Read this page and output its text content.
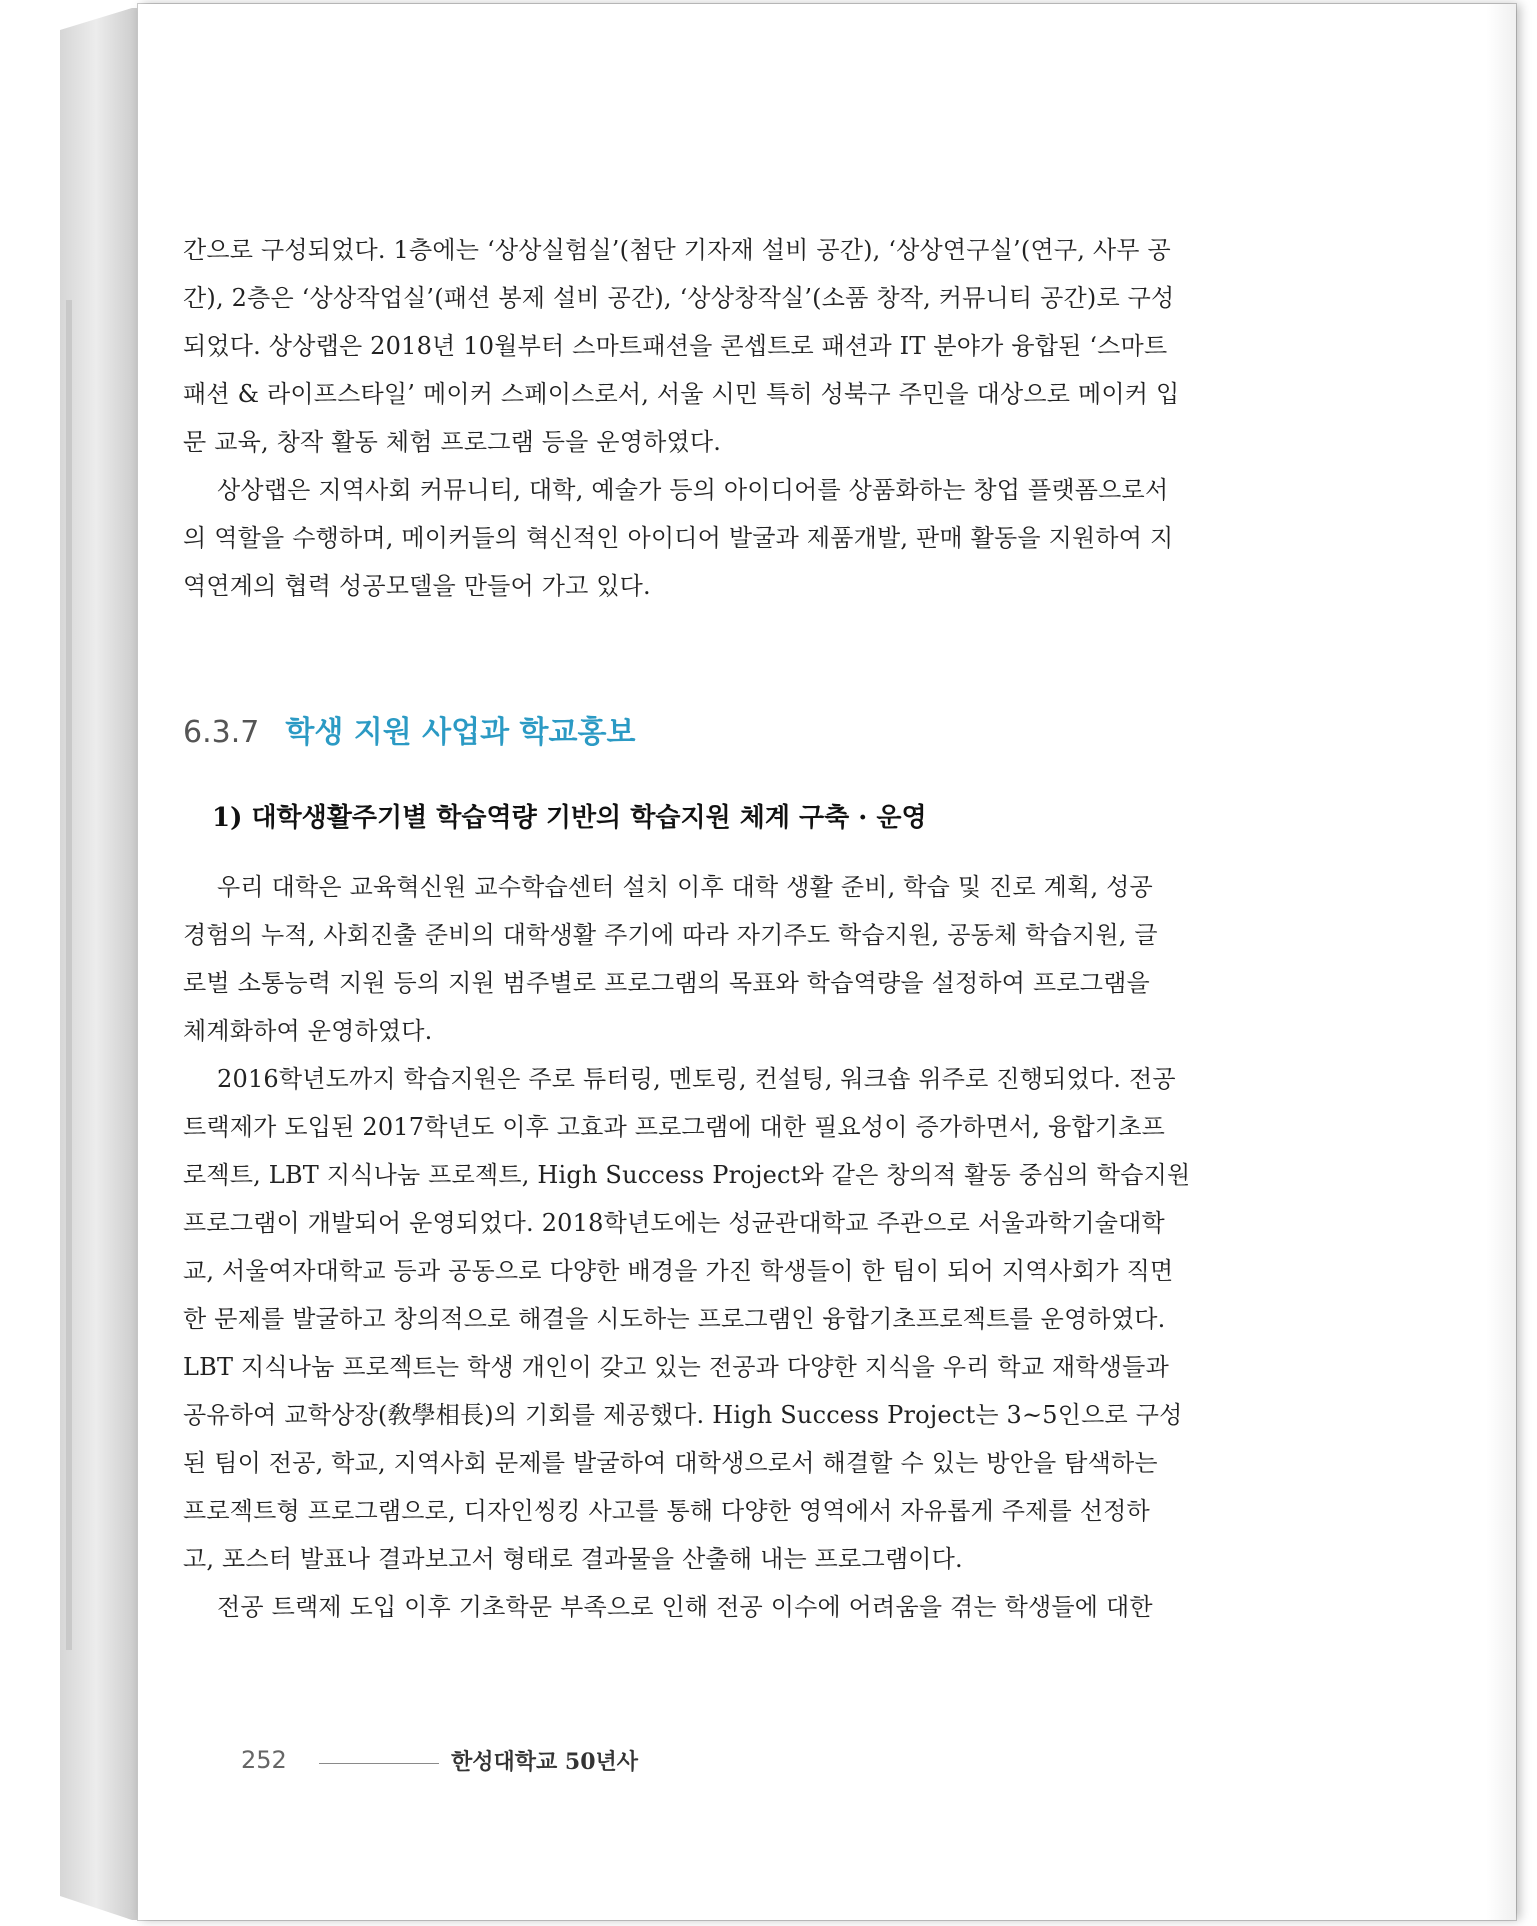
간으로 구성되었다. 1층에는 ‘상상실험실’(첨단 기자재 설비 공간), ‘상상연구실’(연구, 사무 공
간), 2층은 ‘상상작업실’(패션 봉제 설비 공간), ‘상상창작실’(소품 창작, 커뮤니티 공간)로 구성
되었다. 상상랩은 2018년 10월부터 스마트패션을 콘셉트로 패션과 IT 분야가 융합된 ‘스마트
패션 & 라이프스타일’ 메이커 스페이스로서, 서울 시민 특히 성북구 주민을 대상으로 메이커 입
문 교육, 창작 활동 체험 프로그램 등을 운영하였다.
상상랩은 지역사회 커뮤니티, 대학, 예술가 등의 아이디어를 상품화하는 창업 플랫폼으로서
의 역할을 수행하며, 메이커들의 혁신적인 아이디어 발굴과 제품개발, 판매 활동을 지원하여 지
역연계의 협력 성공모델을 만들어 가고 있다.
6.3.7 학생 지원 사업과 학교홍보
1) 대학생활주기별 학습역량 기반의 학습지원 체계 구축 · 운영
우리 대학은 교육혁신원 교수학습센터 설치 이후 대학 생활 준비, 학습 및 진로 계획, 성공
경험의 누적, 사회진출 준비의 대학생활 주기에 따라 자기주도 학습지원, 공동체 학습지원, 글
로벌 소통능력 지원 등의 지원 범주별로 프로그램의 목표와 학습역량을 설정하여 프로그램을
체계화하여 운영하였다.
2016학년도까지 학습지원은 주로 튜터링, 멘토링, 컨설팅, 워크숍 위주로 진행되었다. 전공
트랙제가 도입된 2017학년도 이후 고효과 프로그램에 대한 필요성이 증가하면서, 융합기초프
로젝트, LBT 지식나눔 프로젝트, High Success Project와 같은 창의적 활동 중심의 학습지원
프로그램이 개발되어 운영되었다. 2018학년도에는 성균관대학교 주관으로 서울과학기술대학
교, 서울여자대학교 등과 공동으로 다양한 배경을 가진 학생들이 한 팀이 되어 지역사회가 직면
한 문제를 발굴하고 창의적으로 해결을 시도하는 프로그램인 융합기초프로젝트를 운영하였다.
LBT 지식나눔 프로젝트는 학생 개인이 갖고 있는 전공과 다양한 지식을 우리 학교 재학생들과
공유하여 교학상장(敎學相長)의 기회를 제공했다. High Success Project는 3~5인으로 구성
된 팀이 전공, 학교, 지역사회 문제를 발굴하여 대학생으로서 해결할 수 있는 방안을 탐색하는
프로젝트형 프로그램으로, 디자인씽킹 사고를 통해 다양한 영역에서 자유롭게 주제를 선정하
고, 포스터 발표나 결과보고서 형태로 결과물을 산출해 내는 프로그램이다.
전공 트랙제 도입 이후 기초학문 부족으로 인해 전공 이수에 어려움을 겪는 학생들에 대한
252	한성대학교 50년사
